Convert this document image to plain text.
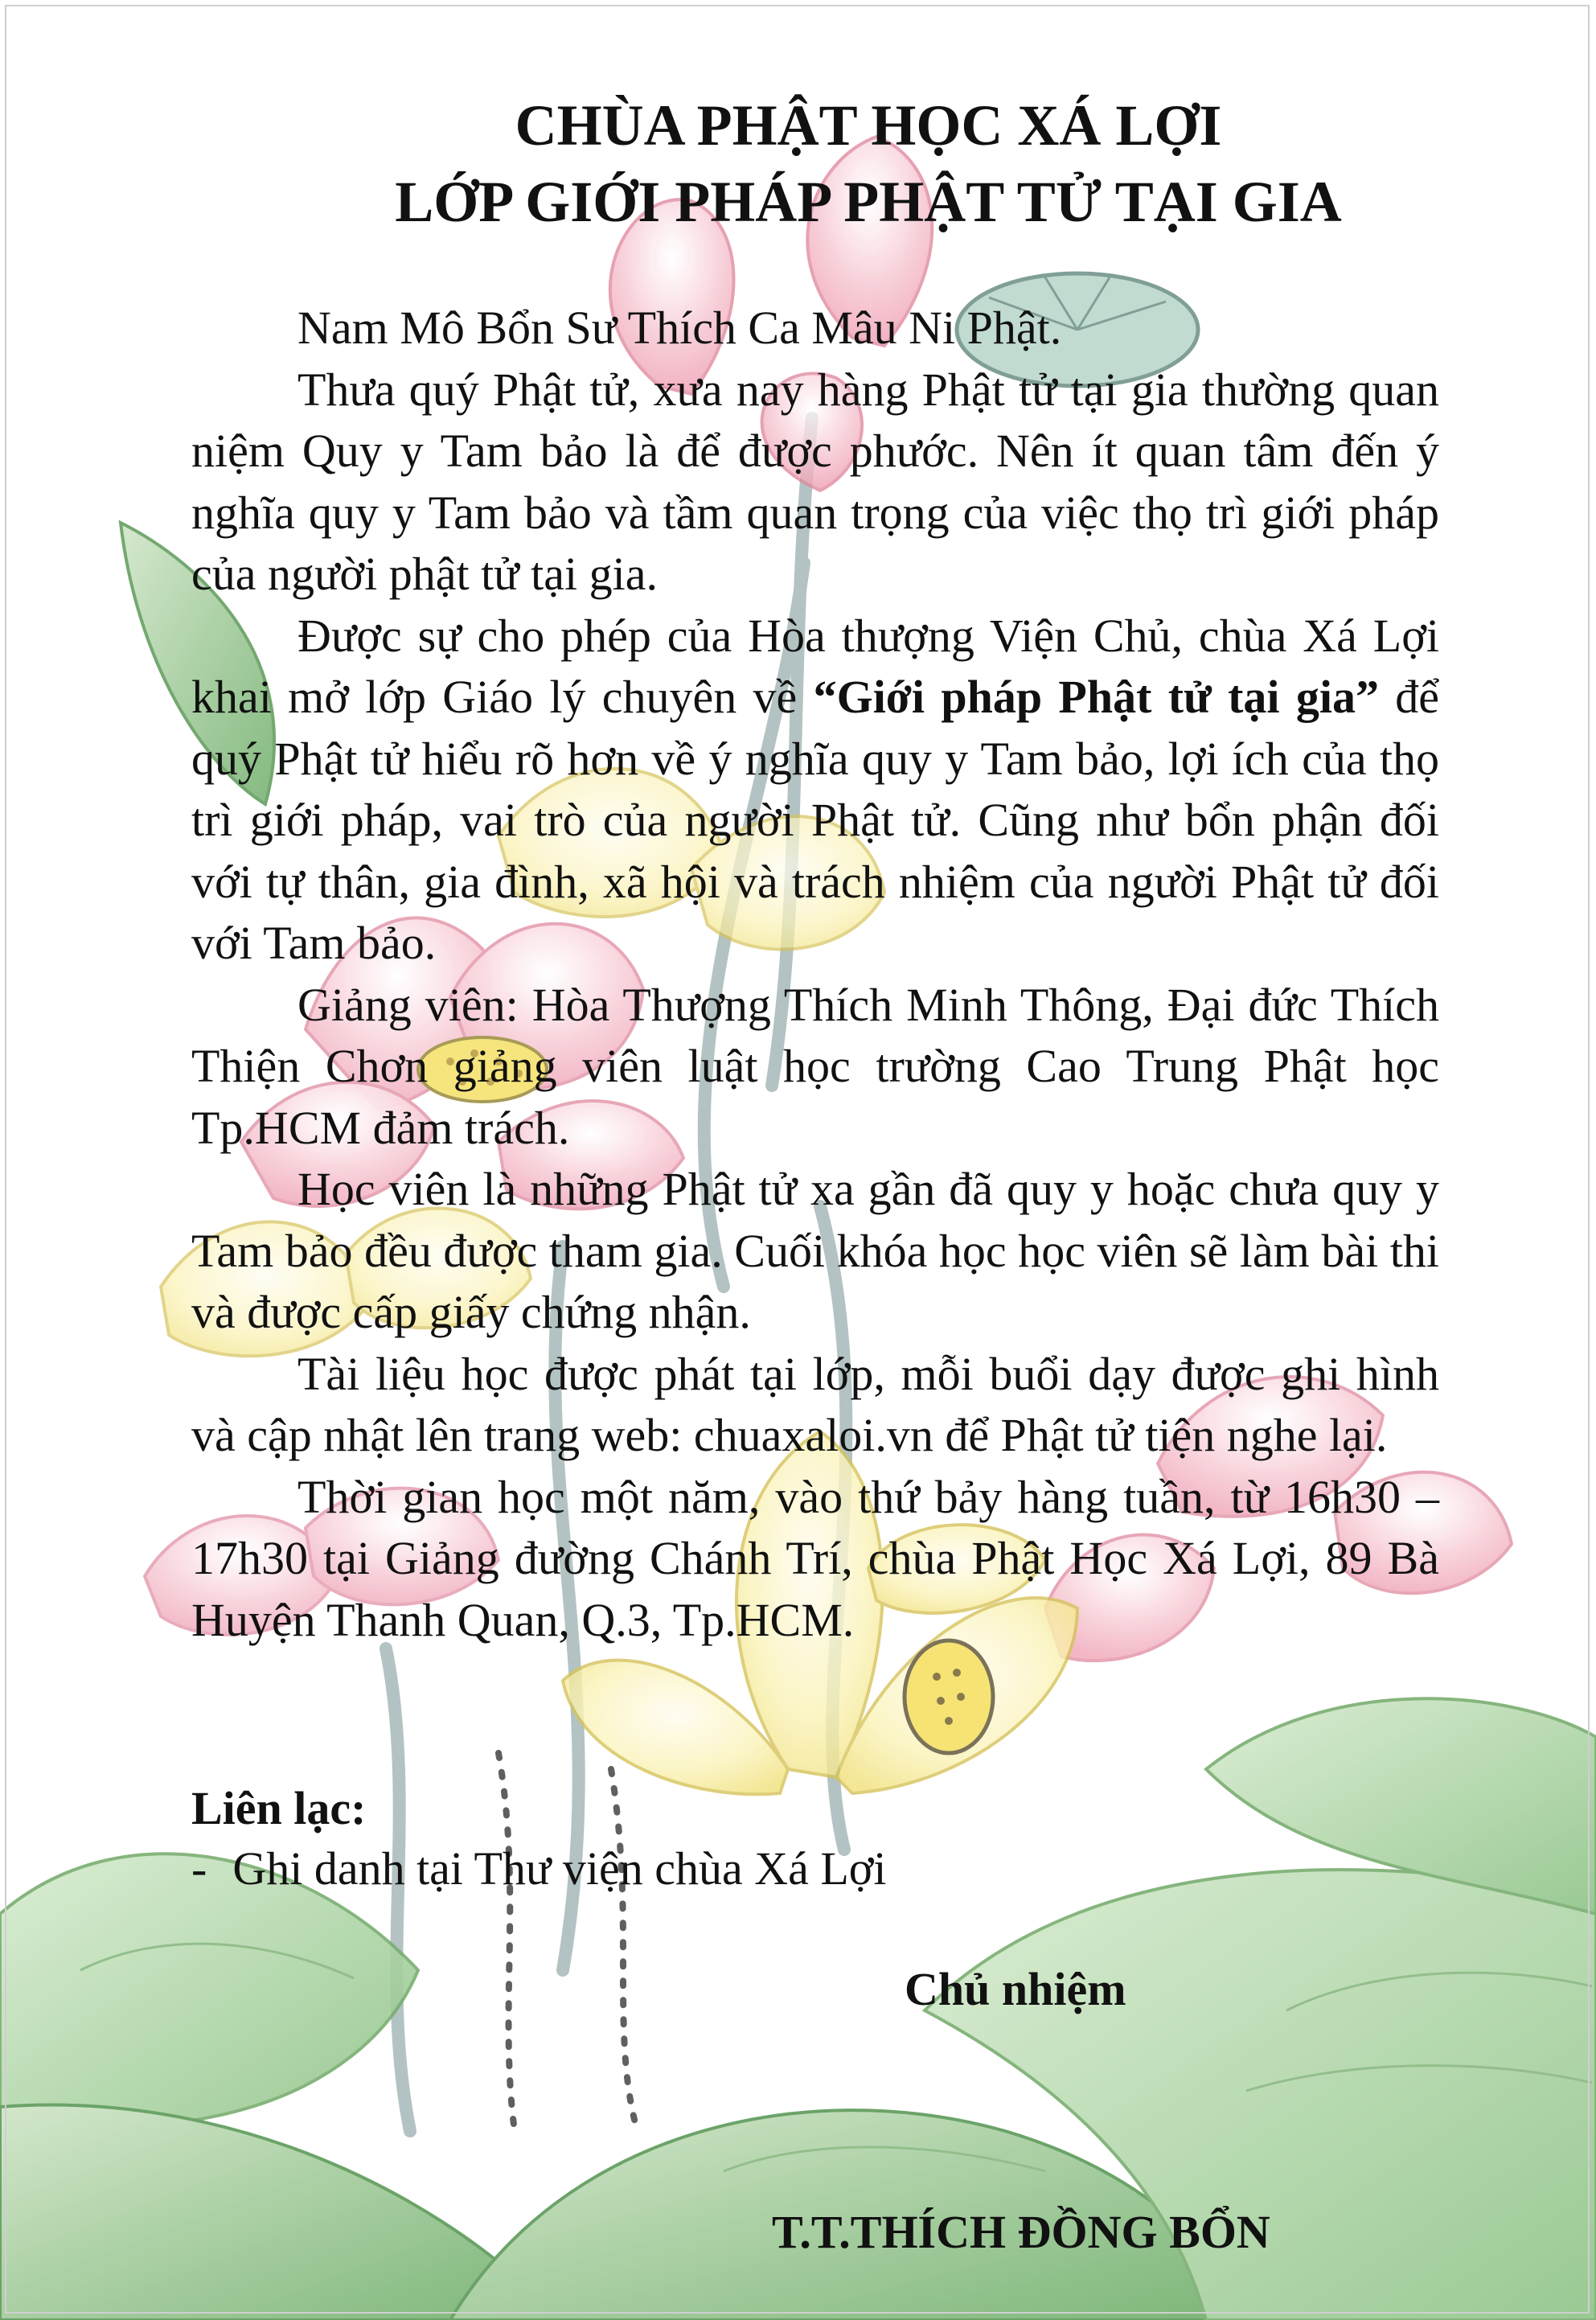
CHÙA PHẬT HỌC XÁ LỢI
LỚP GIỚI PHÁP PHẬT TỬ TẠI GIA

Nam Mô Bổn Sư Thích Ca Mâu Ni Phật.

Thưa quý Phật tử, xưa nay hàng Phật tử tại gia thường quan niệm Quy y Tam bảo là để được phước. Nên ít quan tâm đến ý nghĩa quy y Tam bảo và tầm quan trọng của việc thọ trì giới pháp của người phật tử tại gia.

Được sự cho phép của Hòa thượng Viện Chủ, chùa Xá Lợi khai mở lớp Giáo lý chuyên về “Giới pháp Phật tử tại gia” để quý Phật tử hiểu rõ hơn về ý nghĩa quy y Tam bảo, lợi ích của thọ trì giới pháp, vai trò của người Phật tử. Cũng như bổn phận đối với tự thân, gia đình, xã hội và trách nhiệm của người Phật tử đối với Tam bảo.

Giảng viên: Hòa Thượng Thích Minh Thông, Đại đức Thích Thiện Chơn giảng viên luật học trường Cao Trung Phật học Tp.HCM đảm trách.

Học viên là những Phật tử xa gần đã quy y hoặc chưa quy y Tam bảo đều được tham gia. Cuối khóa học học viên sẽ làm bài thi và được cấp giấy chứng nhận.

Tài liệu học được phát tại lớp, mỗi buổi dạy được ghi hình và cập nhật lên trang web: chuaxaloi.vn để Phật tử tiện nghe lại.

Thời gian học một năm, vào thứ bảy hàng tuần, từ 16h30 – 17h30 tại Giảng đường Chánh Trí, chùa Phật Học Xá Lợi, 89 Bà Huyện Thanh Quan, Q.3, Tp.HCM.

Liên lạc:
- Ghi danh tại Thư viện chùa Xá Lợi
Chủ nhiệm
T.T.THÍCH ĐỒNG BỔN
